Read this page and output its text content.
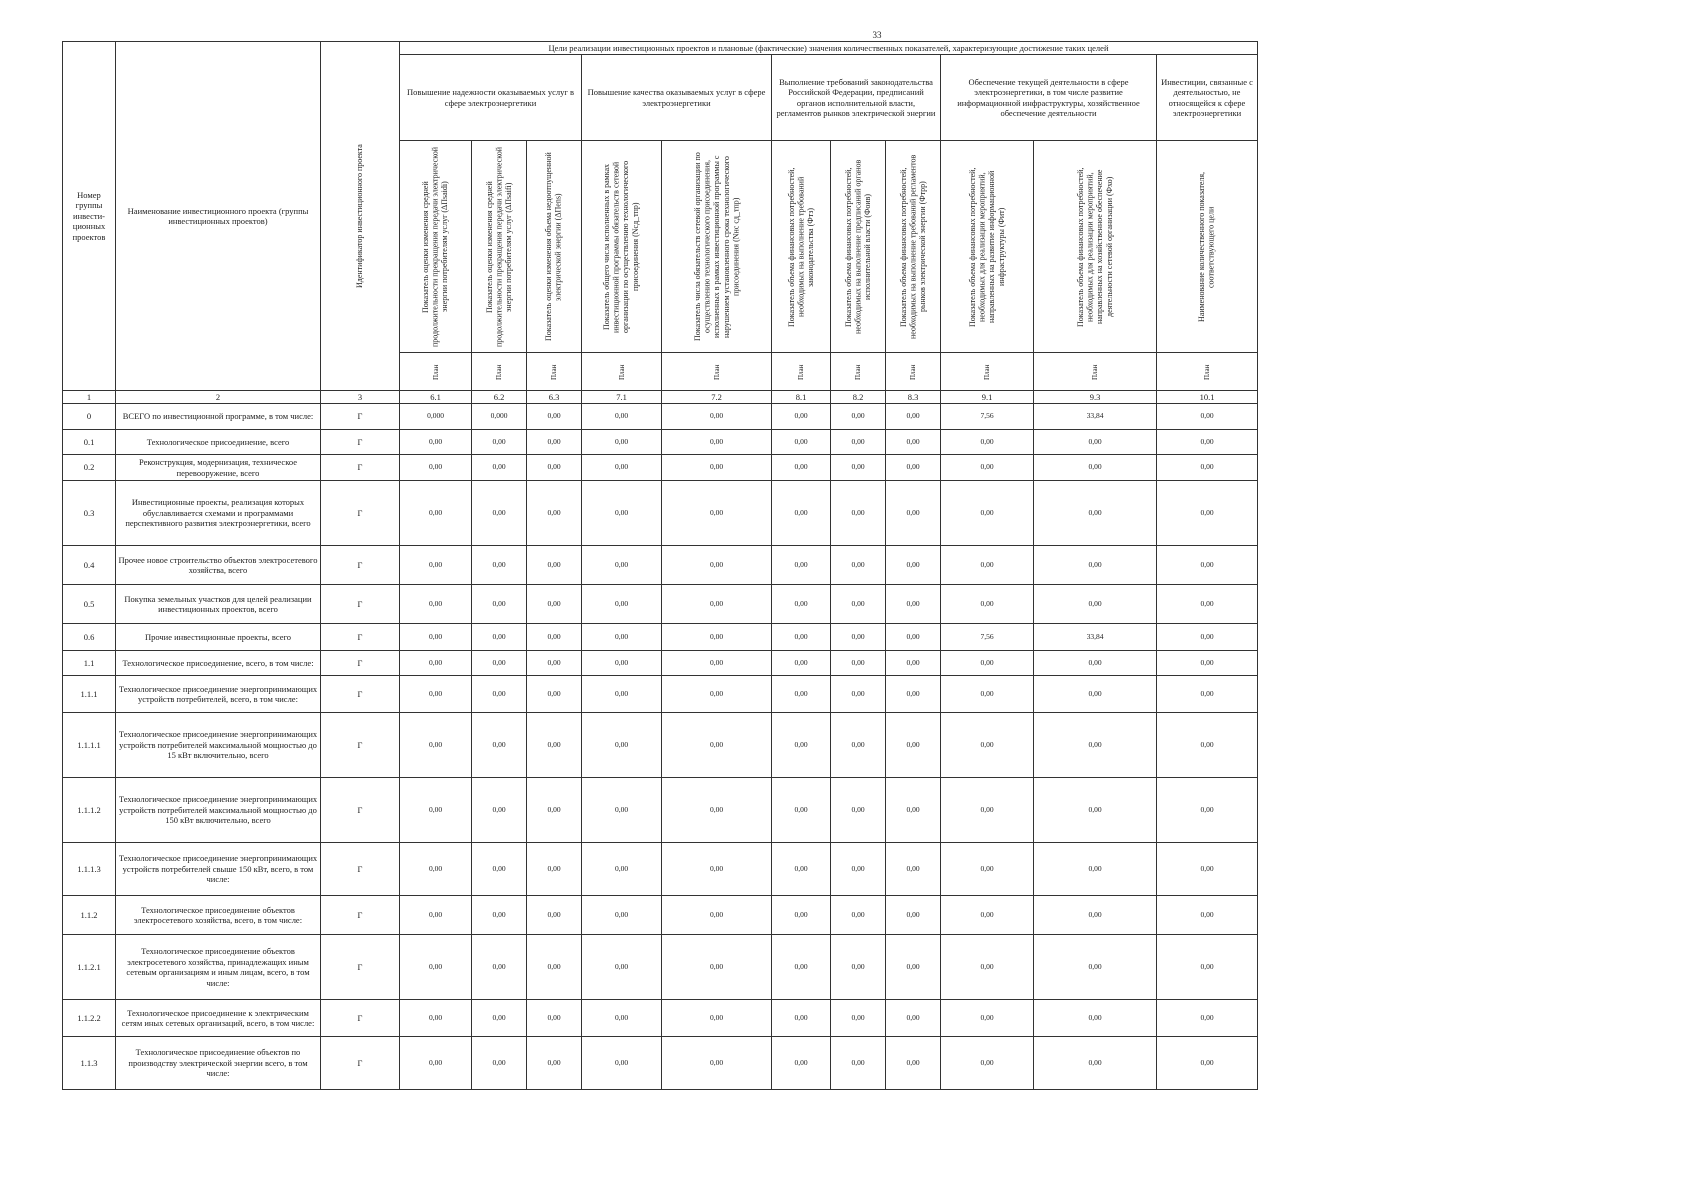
33
Номер группы инвести-ционных проектов	Наименование инвестиционного проекта (группы инвестиционных проектов)	Идентификатор инвестиционного проекта	Цели реализации инвестиционных проектов и плановые (фактические) значения количественных показателей, характеризующие достижение таких целей										
			Повышение надежности оказываемых услуг в сфере электроэнергетики			Повышение качества оказываемых услуг в сфере электроэнергетики		Выполнение требований законодательства Российской Федерации, предписаний органов исполнительной власти, регламентов рынков электрической энергии			Обеспечение текущей деятельности в сфере электроэнергетики, в том числе развитие информационной инфраструктуры, хозяйственное обеспечение деятельности		Инвестиции, связанные с деятельностью, не относящейся к сфере электроэнергетики

			Показатель оценки изменения средней продолжительности прекращения передачи электрической энергии потребителям услуг (ΔПsaidi)	Показатель оценки изменения средней продолжительности прекращения передачи электрической энергии потребителям услуг (ΔПsaifi)	Показатель оценки изменения объема недоотпущенной электрической энергии (ΔПens)	Показатель общего числа исполненных в рамках инвестиционной программы обязательств сетевой организации по осуществлению технологического присоединения (Nсд_тпр)	Показатель числа обязательств сетевой организации по осуществлению технологического присоединения, исполненных в рамках инвестиционной программы с нарушением установленного срока технологического присоединения (Nнс сд_тпр)	Показатель объема финансовых потребностей, необходимых на выполнение требований законодательства (Фтз)	Показатель объема финансовых потребностей, необходимых на выполнение предписаний органов исполнительной власти (Фоив)	Показатель объема финансовых потребностей, необходимых на выполнение требований регламентов рынков электрической энергии (Фтрр)	Показатель объема финансовых потребностей, необходимых для реализации мероприятий, направленных на развитие информационной инфраструктуры (Фит)	Показатель объема финансовых потребностей, необходимых для реализации мероприятий, направленных на хозяйственное обеспечение деятельности сетевой организации (Фхо)	Наименование количественного показателя, соответствующего цели

			План	План	План	План	План	План	План	План	План	План	План

1	2	3	6.1	6.2	6.3	7.1	7.2	8.1	8.2	8.3	9.1	9.3	10.1
0	ВСЕГО по инвестиционной программе, в том числе:	Г	0,000	0,000	0,00	0,00	0,00	0,00	0,00	0,00	7,56	33,84	0,00
0.1	Технологическое присоединение, всего	Г	0,00	0,00	0,00	0,00	0,00	0,00	0,00	0,00	0,00	0,00	0,00
0.2	Реконструкция, модернизация, техническое перевооружение, всего	Г	0,00	0,00	0,00	0,00	0,00	0,00	0,00	0,00	0,00	0,00	0,00
0.3	Инвестиционные проекты, реализация которых обуславливается схемами и программами перспективного развития электроэнергетики, всего	Г	0,00	0,00	0,00	0,00	0,00	0,00	0,00	0,00	0,00	0,00	0,00
0.4	Прочее новое строительство объектов электросетевого хозяйства, всего	Г	0,00	0,00	0,00	0,00	0,00	0,00	0,00	0,00	0,00	0,00	0,00
0.5	Покупка земельных участков для целей реализации инвестиционных проектов, всего	Г	0,00	0,00	0,00	0,00	0,00	0,00	0,00	0,00	0,00	0,00	0,00
0.6	Прочие инвестиционные проекты, всего	Г	0,00	0,00	0,00	0,00	0,00	0,00	0,00	0,00	7,56	33,84	0,00
1.1	Технологическое присоединение, всего, в том числе:	Г	0,00	0,00	0,00	0,00	0,00	0,00	0,00	0,00	0,00	0,00	0,00
1.1.1	Технологическое присоединение энергопринимающих устройств потребителей, всего, в том числе:	Г	0,00	0,00	0,00	0,00	0,00	0,00	0,00	0,00	0,00	0,00	0,00
1.1.1.1	Технологическое присоединение энергопринимающих устройств потребителей максимальной мощностью до 15 кВт включительно, всего	Г	0,00	0,00	0,00	0,00	0,00	0,00	0,00	0,00	0,00	0,00	0,00
1.1.1.2	Технологическое присоединение энергопринимающих устройств потребителей максимальной мощностью до 150 кВт включительно, всего	Г	0,00	0,00	0,00	0,00	0,00	0,00	0,00	0,00	0,00	0,00	0,00
1.1.1.3	Технологическое присоединение энергопринимающих устройств потребителей свыше 150 кВт, всего, в том числе:	Г	0,00	0,00	0,00	0,00	0,00	0,00	0,00	0,00	0,00	0,00	0,00
1.1.2	Технологическое присоединение объектов электросетевого хозяйства, всего, в том числе:	Г	0,00	0,00	0,00	0,00	0,00	0,00	0,00	0,00	0,00	0,00	0,00
1.1.2.1	Технологическое присоединение объектов электросетевого хозяйства, принадлежащих иным сетевым организациям и иным лицам, всего, в том числе:	Г	0,00	0,00	0,00	0,00	0,00	0,00	0,00	0,00	0,00	0,00	0,00
1.1.2.2	Технологическое присоединение к электрическим сетям иных сетевых организаций, всего, в том числе:	Г	0,00	0,00	0,00	0,00	0,00	0,00	0,00	0,00	0,00	0,00	0,00
1.1.3	Технологическое присоединение объектов по производству электрической энергии всего, в том числе:	Г	0,00	0,00	0,00	0,00	0,00	0,00	0,00	0,00	0,00	0,00	0,00
